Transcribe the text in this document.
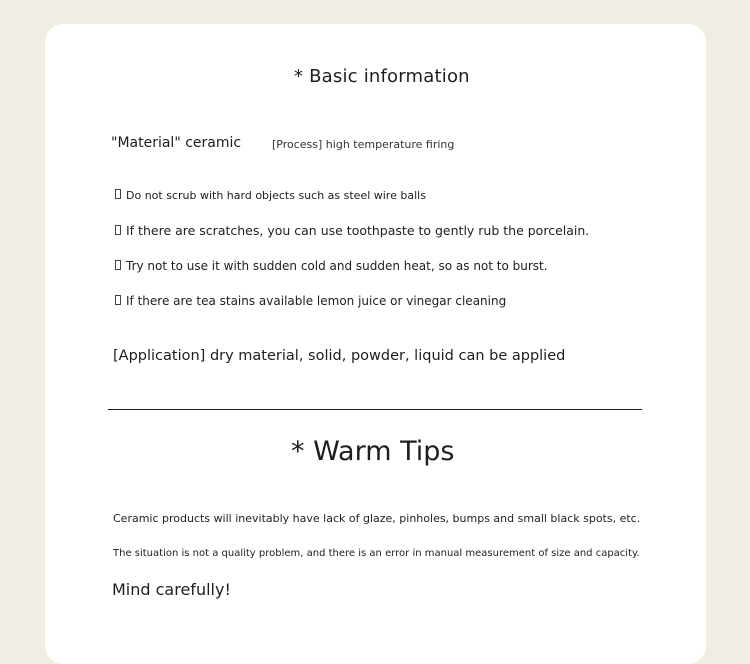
* Basic information
"Material" ceramic	[Process] high temperature firing
Do not scrub with hard objects such as steel wire balls
If there are scratches, you can use toothpaste to gently rub the porcelain.
Try not to use it with sudden cold and sudden heat, so as not to burst.
If there are tea stains available lemon juice or vinegar cleaning
[Application] dry material, solid, powder, liquid can be applied
* Warm Tips
Ceramic products will inevitably have lack of glaze, pinholes, bumps and small black spots, etc.
The situation is not a quality problem, and there is an error in manual measurement of size and capacity.
Mind carefully!
